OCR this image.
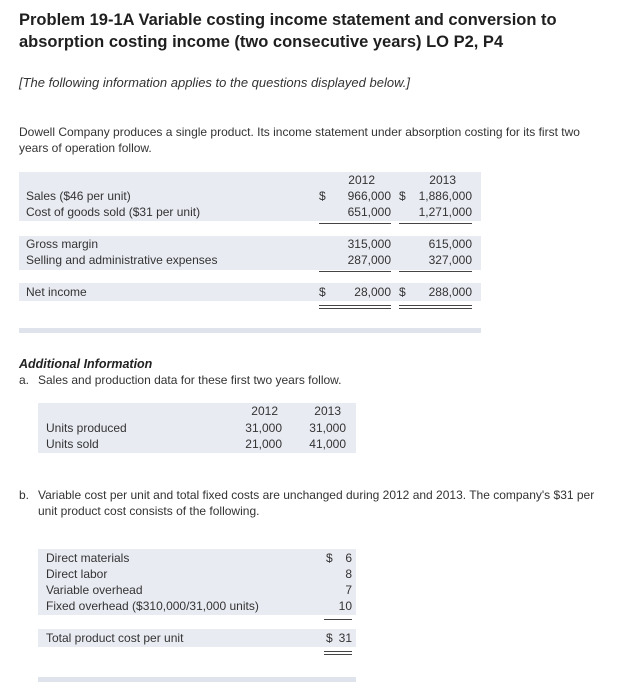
Problem 19-1A Variable costing income statement and conversion to
absorption costing income (two consecutive years) LO P2, P4
[The following information applies to the questions displayed below.]
Dowell Company produces a single product. Its income statement under absorption costing for its first two
years of operation follow.
2012	2013
Sales ($46 per unit)	$	966,000 $	1,886,000
Cost of goods sold ($31 per unit)	651,000	1,271,000
Gross margin	315,000	615,000
Selling and administrative expenses	287,000	327,000
Net income	$	28,000 $	288,000
Additional Information
a. Sales and production data for these first two years follow.
2012	2013
Units produced	31,000	31,000
Units sold	21,000	41,000
b. Variable cost per unit and total fixed costs are unchanged during 2012 and 2013. The company's $31 per
unit product cost consists of the following.
Direct materials	$	6
Direct labor	8
Variable overhead	7
Fixed overhead ($310,000/31,000 units)	10
Total product cost per unit	$ 31
